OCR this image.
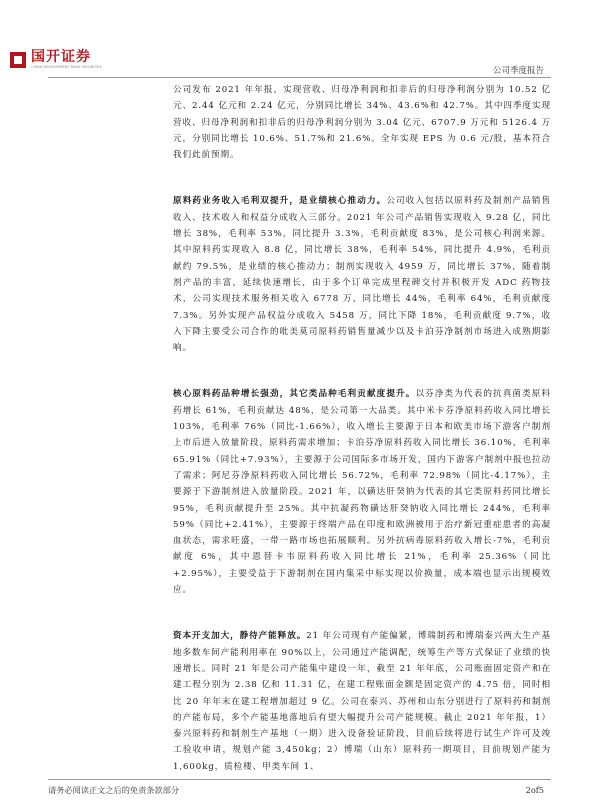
国开证券
CHINA DEVELOPMENT BANK SECURITIES	公司季度报告

公司发布 2021 年年报，实现营收、归母净利润和扣非后的归母净利润分别为 10.52 亿元、2.44 亿元和 2.24 亿元，分别同比增长 34%、43.6%和 42.7%。其中四季度实现营收、归母净利润和扣非后的归母净利润分别为 3.04 亿元、6707.9 万元和 5126.4 万元，分别同比增长 10.6%、51.7%和 21.6%。全年实现 EPS 为 0.6 元/股，基本符合我们此前预期。

原料药业务收入毛利双提升，是业绩核心推动力。公司收入包括以原料药及制剂产品销售收入、技术收入和权益分成收入三部分。2021 年公司产品销售实现收入 9.28 亿，同比增长 38%，毛利率 53%，同比提升 3.3%，毛利贡献度 83%，是公司核心利润来源。其中原料药实现收入 8.8 亿，同比增长 38%，毛利率 54%，同比提升 4.9%，毛利贡献约 79.5%，是业绩的核心推动力；制剂实现收入 4959 万，同比增长 37%，随着制剂产品的丰富，延续快速增长，由于多个订单完成里程碑交付并积极开发 ADC 药物技术，公司实现技术服务相关收入 6778 万，同比增长 44%，毛利率 64%，毛利贡献度 7.3%。另外实现产品权益分成收入 5458 万，同比下降 18%，毛利贡献度 9.7%，收入下降主要受公司合作的吡美莫司原料药销售量减少以及卡泊芬净制剂市场进入成熟期影响。

核心原料药品种增长强劲，其它类品种毛利贡献度提升。以芬净类为代表的抗真菌类原料药增长 61%，毛利贡献达 48%，是公司第一大品类。其中米卡芬净原料药收入同比增长 103%，毛利率 76%（同比-1.66%），收入增长主要源于日本和欧美市场下游客户制剂上市后进入放量阶段，原料药需求增加；卡泊芬净原料药收入同比增长 36.10%，毛利率 65.91%（同比+7.93%），主要源于公司国际多市场开发，国内下游客户制剂中报也拉动了需求；阿尼芬净原料药收入同比增长 56.72%，毛利率 72.98%（同比-4.17%），主要源于下游制剂进入放量阶段。2021 年，以磺达肝癸钠为代表的其它类原料药同比增长 95%，毛利贡献提升至 25%。其中抗凝药物磺达肝癸钠收入同比增长 244%，毛利率 59%（同比+2.41%），主要源于终端产品在印度和欧洲被用于治疗新冠重症患者的高凝血状态，需求旺盛，一带一路市场也拓展顺利。另外抗病毒原料药收入增长-7%，毛利贡献度 6%，其中恩替卡韦原料药收入同比增长 21%，毛利率 25.36%（同比+2.95%），主要受益于下游制剂在国内集采中标实现以价换量，成本端也显示出规模效应。

资本开支加大，静待产能释放。21 年公司现有产能偏紧，博瑞制药和博瑞泰兴两大生产基地多数车间产能利用率在 90%以上，公司通过产能调配，统筹生产等方式保证了业绩的快速增长。同时 21 年是公司产能集中建设一年，截至 21 年年底，公司账面固定资产和在建工程分别为 2.38 亿和 11.31 亿，在建工程账面金额是固定资产的 4.75 倍，同时相比 20 年年末在建工程增加超过 9 亿。公司在泰兴、苏州和山东分别进行了原料药和制剂的产能布局，多个产能基地落地后有望大幅提升公司产能规模。截止 2021 年年报，1）泰兴原料药和制剂生产基地（一期）进入设备验证阶段，目前后续将进行试生产许可及竣工验收申请，规划产能 3,450kg；2）博瑞（山东）原料药一期项目，目前规划产能为 1,600kg，质检楼、甲类车间 1、

请务必阅读正文之后的免责条款部分	2of5
